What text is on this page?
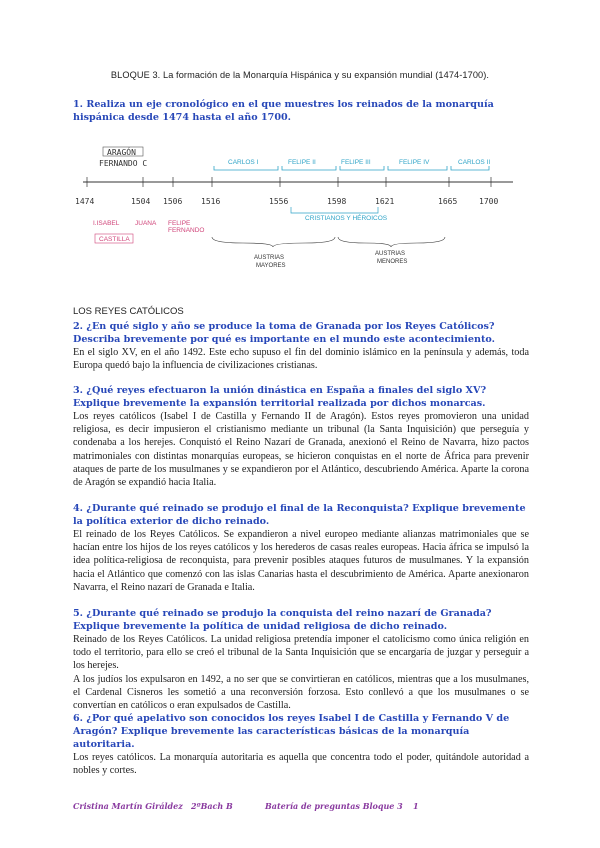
BLOQUE 3. La formación de la Monarquía Hispánica y su expansión mundial (1474-1700).
1. Realiza un eje cronológico en el que muestres los reinados de la monarquía hispánica desde 1474 hasta el año 1700.
ARAGÓN
FERNANDO C
1474	1504 1506 1516	1556	1598	1621	1665	1700
CARLOS I	FELIPE II	FELIPE III	FELIPE IV	CARLOS II
I.ISABEL JUANA FELIPE
FERNANDO
CASTILLA
CRISTIANOS Y HÉROICOS
AUSTRIAS
MAYORES
AUSTRIAS
MENORES
LOS REYES CATÓLICOS
2. ¿En qué siglo y año se produce la toma de Granada por los Reyes Católicos? Describa brevemente por qué es importante en el mundo este acontecimiento.
En el siglo XV, en el año 1492. Este echo supuso el fin del dominio islámico en la península y además, toda Europa quedó bajo la influencia de civilizaciones cristianas.
3. ¿Qué reyes efectuaron la unión dinástica en España a finales del siglo XV? Explique brevemente la expansión territorial realizada por dichos monarcas.
Los reyes católicos (Isabel I de Castilla y Fernando II de Aragón). Estos reyes promovieron una unidad religiosa, es decir impusieron el cristianismo mediante un tribunal (la Santa Inquisición) que perseguía y condenaba a los herejes. Conquistó el Reino Nazarí de Granada, anexionó el Reino de Navarra, hizo pactos matrimoniales con distintas monarquías europeas, se hicieron conquistas en el norte de África para prevenir ataques de parte de los musulmanes y se expandieron por el Atlántico, descubriendo América. Aparte la corona de Aragón se expandió hacia Italia.
4. ¿Durante qué reinado se produjo el final de la Reconquista? Explique brevemente la política exterior de dicho reinado.
El reinado de los Reyes Católicos. Se expandieron a nivel europeo mediante alianzas matrimoniales que se hacían entre los hijos de los reyes católicos y los herederos de casas reales europeas. Hacia áfrica se impulsó la idea política-religiosa de reconquista, para prevenir posibles ataques futuros de musulmanes. Y la expansión hacia el Atlántico que comenzó con las islas Canarias hasta el descubrimiento de América. Aparte anexionaron Navarra, el Reino nazarí de Granada e Italia.
5. ¿Durante qué reinado se produjo la conquista del reino nazarí de Granada? Explique brevemente la política de unidad religiosa de dicho reinado.
Reinado de los Reyes Católicos. La unidad religiosa pretendía imponer el catolicismo como única religión en todo el territorio, para ello se creó el tribunal de la Santa Inquisición que se encargaría de juzgar y perseguir a los herejes.
A los judíos los expulsaron en 1492, a no ser que se convirtieran en católicos, mientras que a los musulmanes, el Cardenal Cisneros les sometió a una reconversión forzosa. Esto conllevó a que los musulmanes o se convertían en católicos o eran expulsados de Castilla.
6. ¿Por qué apelativo son conocidos los reyes Isabel I de Castilla y Fernando V de Aragón? Explique brevemente las características básicas de la monarquía autoritaria.
Los reyes católicos. La monarquía autoritaria es aquella que concentra todo el poder, quitándole autoridad a nobles y cortes.
Cristina Martín Giráldez 2ºBach B	Batería de preguntas Bloque 3 1
